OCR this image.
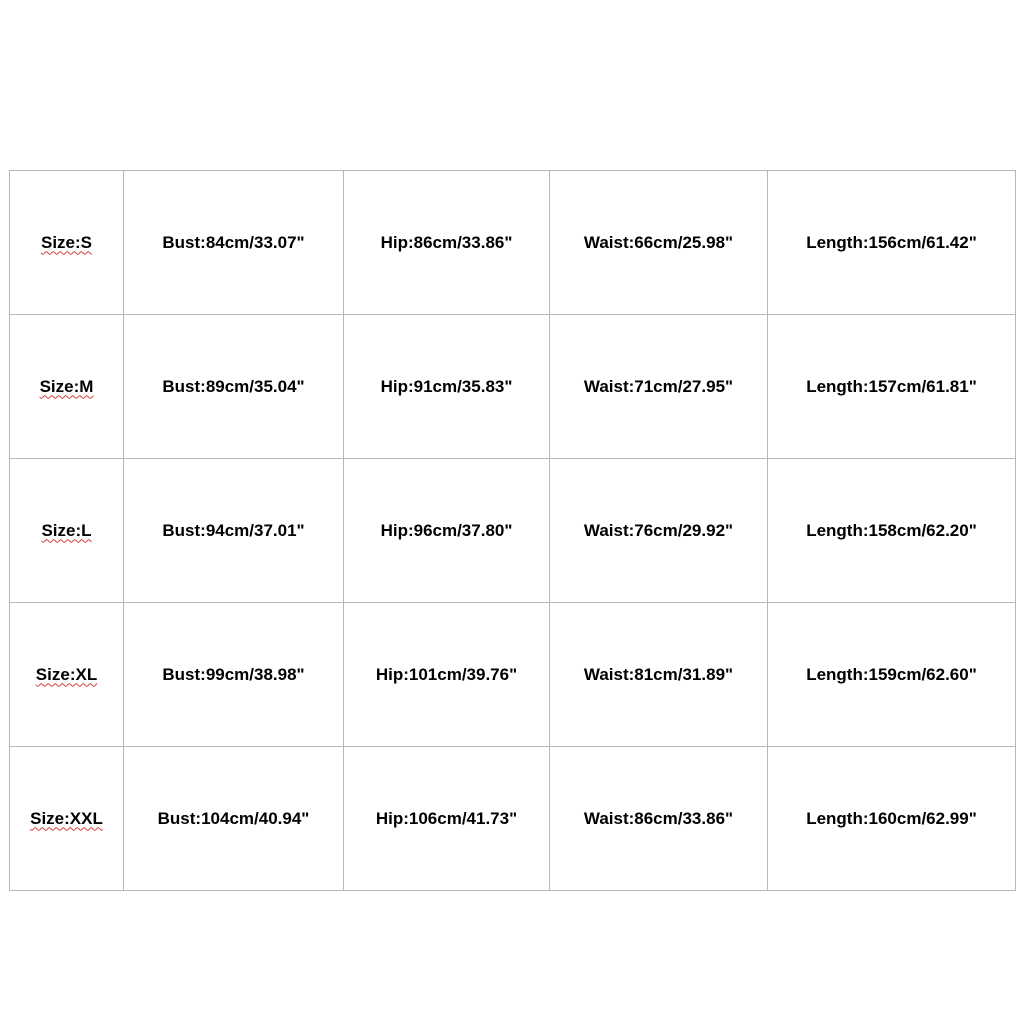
Size:S	Bust:84cm/33.07"	Hip:86cm/33.86"	Waist:66cm/25.98"	Length:156cm/61.42"
Size:M	Bust:89cm/35.04"	Hip:91cm/35.83"	Waist:71cm/27.95"	Length:157cm/61.81"
Size:L	Bust:94cm/37.01"	Hip:96cm/37.80"	Waist:76cm/29.92"	Length:158cm/62.20"
Size:XL	Bust:99cm/38.98"	Hip:101cm/39.76"	Waist:81cm/31.89"	Length:159cm/62.60"
Size:XXL	Bust:104cm/40.94"	Hip:106cm/41.73"	Waist:86cm/33.86"	Length:160cm/62.99"
